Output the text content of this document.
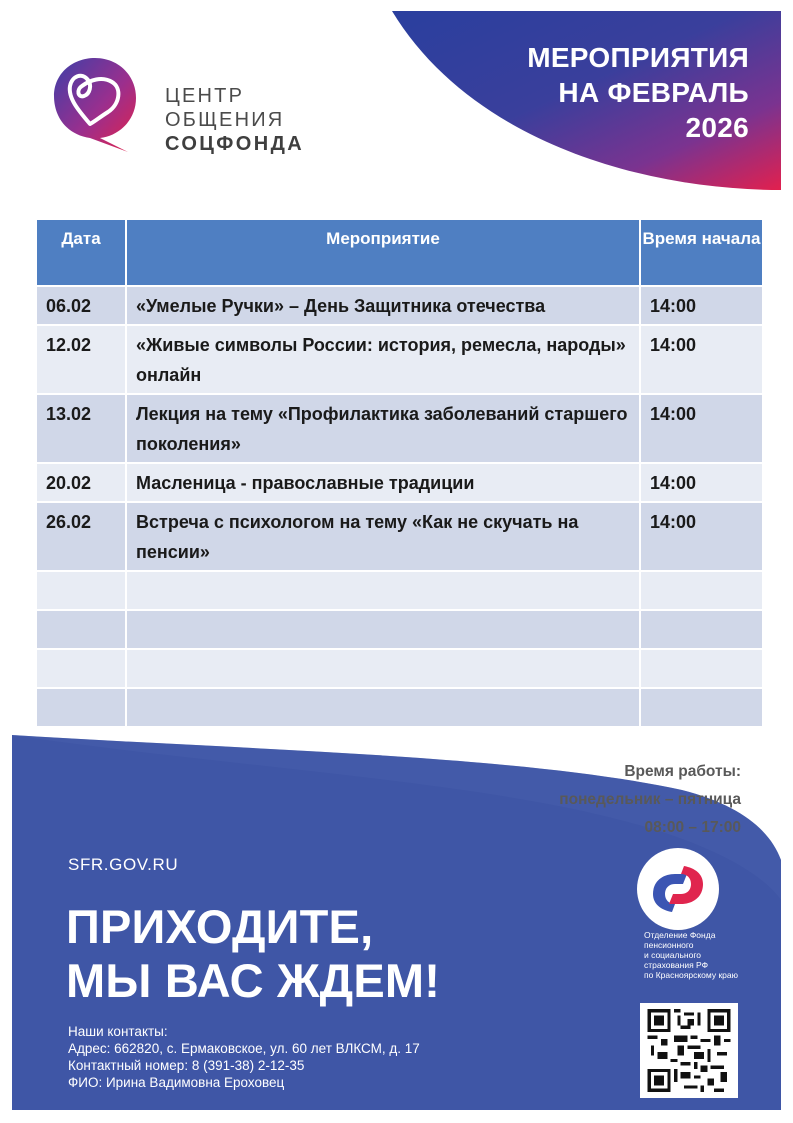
МЕРОПРИЯТИЯ
НА ФЕВРАЛЬ
2026
ЦЕНТР
ОБЩЕНИЯ
СОЦФОНДА
Дата	Мероприятие	Время начала
06.02	«Умелые Ручки» – День Защитника отечества	14:00
12.02	«Живые символы России: история, ремесла, народы» онлайн	14:00
13.02	Лекция на тему «Профилактика заболеваний старшего поколения»	14:00
20.02	Масленица - православные традиции	14:00
26.02	Встреча с психологом на тему «Как не скучать на пенсии»	14:00

Время работы:
понедельник – пятница
08:00 – 17:00
SFR.GOV.RU
ПРИХОДИТЕ,
МЫ ВАС ЖДЕМ!
Наши контакты:
Адрес: 662820, с. Ермаковское, ул. 60 лет ВЛКСМ, д. 17
Контактный номер: 8 (391-38) 2-12-35
ФИО: Ирина Вадимовна Ероховец
Отделение Фонда
пенсионного
и социального
страхования РФ
по Красноярскому краю
